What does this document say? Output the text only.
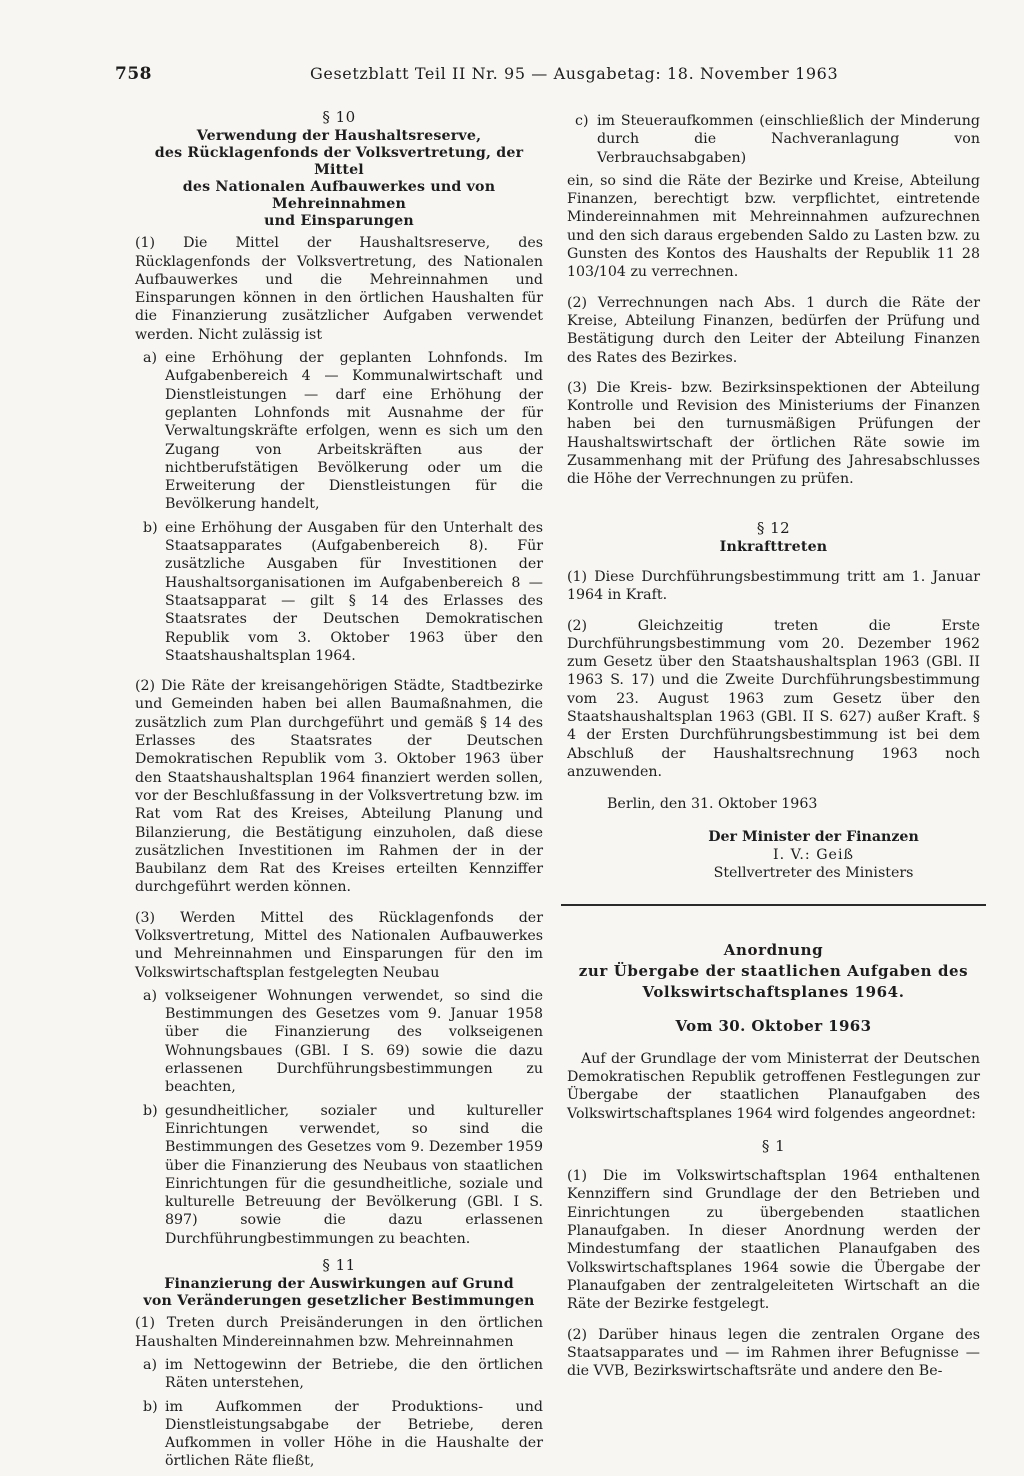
758	Gesetzblatt Teil II Nr. 95 — Ausgabetag: 18. November 1963
§ 10
Verwendung der Haushaltsreserve,
des Rücklagenfonds der Volksvertretung, der Mittel
des Nationalen Aufbauwerkes und von Mehreinnahmen
und Einsparungen

(1) Die Mittel der Haushaltsreserve, des Rücklagenfonds der Volksvertretung, des Nationalen Aufbauwerkes und die Mehreinnahmen und Einsparungen können in den örtlichen Haushalten für die Finanzierung zusätzlicher Aufgaben verwendet werden. Nicht zulässig ist

a) eine Erhöhung der geplanten Lohnfonds. Im Aufgabenbereich 4 — Kommunalwirtschaft und Dienstleistungen — darf eine Erhöhung der geplanten Lohnfonds mit Ausnahme der für Verwaltungskräfte erfolgen, wenn es sich um den Zugang von Arbeitskräften aus der nichtberufstätigen Bevölkerung oder um die Erweiterung der Dienstleistungen für die Bevölkerung handelt,
b) eine Erhöhung der Ausgaben für den Unterhalt des Staatsapparates (Aufgabenbereich 8). Für zusätzliche Ausgaben für Investitionen der Haushaltsorganisationen im Aufgabenbereich 8 — Staatsapparat — gilt § 14 des Erlasses des Staatsrates der Deutschen Demokratischen Republik vom 3. Oktober 1963 über den Staatshaushaltsplan 1964.

(2) Die Räte der kreisangehörigen Städte, Stadtbezirke und Gemeinden haben bei allen Baumaßnahmen, die zusätzlich zum Plan durchgeführt und gemäß § 14 des Erlasses des Staatsrates der Deutschen Demokratischen Republik vom 3. Oktober 1963 über den Staatshaushaltsplan 1964 finanziert werden sollen, vor der Beschlußfassung in der Volksvertretung bzw. im Rat vom Rat des Kreises, Abteilung Planung und Bilanzierung, die Bestätigung einzuholen, daß diese zusätzlichen Investitionen im Rahmen der in der Baubilanz dem Rat des Kreises erteilten Kennziffer durchgeführt werden können.

(3) Werden Mittel des Rücklagenfonds der Volksvertretung, Mittel des Nationalen Aufbauwerkes und Mehreinnahmen und Einsparungen für den im Volkswirtschaftsplan festgelegten Neubau

a) volkseigener Wohnungen verwendet, so sind die Bestimmungen des Gesetzes vom 9. Januar 1958 über die Finanzierung des volkseigenen Wohnungsbaues (GBl. I S. 69) sowie die dazu erlassenen Durchführungsbestimmungen zu beachten,
b) gesundheitlicher, sozialer und kultureller Einrichtungen verwendet, so sind die Bestimmungen des Gesetzes vom 9. Dezember 1959 über die Finanzierung des Neubaus von staatlichen Einrichtungen für die gesundheitliche, soziale und kulturelle Betreuung der Bevölkerung (GBl. I S. 897) sowie die dazu erlassenen Durchführungbestimmungen zu beachten.
§ 11
Finanzierung der Auswirkungen auf Grund
von Veränderungen gesetzlicher Bestimmungen

(1) Treten durch Preisänderungen in den örtlichen Haushalten Mindereinnahmen bzw. Mehreinnahmen

a) im Nettogewinn der Betriebe, die den örtlichen Räten unterstehen,
b) im Aufkommen der Produktions- und Dienstleistungsabgabe der Betriebe, deren Aufkommen in voller Höhe in die Haushalte der örtlichen Räte fließt,
c) im Steueraufkommen (einschließlich der Minderung durch die Nachveranlagung von Verbrauchsabgaben)

ein, so sind die Räte der Bezirke und Kreise, Abteilung Finanzen, berechtigt bzw. verpflichtet, eintretende Mindereinnahmen mit Mehreinnahmen aufzurechnen und den sich daraus ergebenden Saldo zu Lasten bzw. zu Gunsten des Kontos des Haushalts der Republik 11 28 103/104 zu verrechnen.

(2) Verrechnungen nach Abs. 1 durch die Räte der Kreise, Abteilung Finanzen, bedürfen der Prüfung und Bestätigung durch den Leiter der Abteilung Finanzen des Rates des Bezirkes.

(3) Die Kreis- bzw. Bezirksinspektionen der Abteilung Kontrolle und Revision des Ministeriums der Finanzen haben bei den turnusmäßigen Prüfungen der Haushaltswirtschaft der örtlichen Räte sowie im Zusammenhang mit der Prüfung des Jahresabschlusses die Höhe der Verrechnungen zu prüfen.

§ 12
Inkrafttreten

(1) Diese Durchführungsbestimmung tritt am 1. Januar 1964 in Kraft.

(2) Gleichzeitig treten die Erste Durchführungsbestimmung vom 20. Dezember 1962 zum Gesetz über den Staatshaushaltsplan 1963 (GBl. II 1963 S. 17) und die Zweite Durchführungsbestimmung vom 23. August 1963 zum Gesetz über den Staatshaushaltsplan 1963 (GBl. II S. 627) außer Kraft. § 4 der Ersten Durchführungsbestimmung ist bei dem Abschluß der Haushaltsrechnung 1963 noch anzuwenden.

Berlin, den 31. Oktober 1963
Der Minister der Finanzen
I. V.: Geiß
Stellvertreter des Ministers
Anordnung
zur Übergabe der staatlichen Aufgaben des
Volkswirtschaftsplanes 1964.
Vom 30. Oktober 1963

Auf der Grundlage der vom Ministerrat der Deutschen Demokratischen Republik getroffenen Festlegungen zur Übergabe der staatlichen Planaufgaben des Volkswirtschaftsplanes 1964 wird folgendes angeordnet:

§ 1

(1) Die im Volkswirtschaftsplan 1964 enthaltenen Kennziffern sind Grundlage der den Betrieben und Einrichtungen zu übergebenden staatlichen Planaufgaben. In dieser Anordnung werden der Mindestumfang der staatlichen Planaufgaben des Volkswirtschaftsplanes 1964 sowie die Übergabe der Planaufgaben der zentralgeleiteten Wirtschaft an die Räte der Bezirke festgelegt.

(2) Darüber hinaus legen die zentralen Organe des Staatsapparates und — im Rahmen ihrer Befugnisse — die VVB, Bezirkswirtschaftsräte und andere den Be-
